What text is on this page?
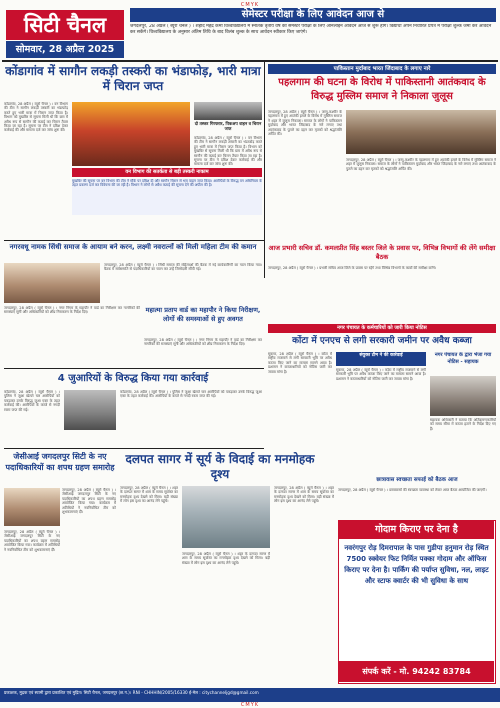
CMYK
सिटी चैनल
सोमवार, 28 अप्रैल 2025
सेमेस्टर परीक्षा के लिए आवेदन आज से
जगदलपुर, 28 अप्रैल ( ब्यूरो चैनल ) । शहीद महेंद्र कर्मा विश्वविद्यालय में स्नातक तृतीय वर्ष की सेमेस्टर परीक्षा के लिए आनलाइन आवेदन आज से शुरू होंगे। विद्यार्थी अपने निर्धारित प्रपत्र में परीक्षा शुल्क जमा कर आवेदन कर सकेंगे। विश्वविद्यालय के अनुसार अंतिम तिथि के बाद विलंब शुल्क के साथ आवेदन स्वीकार किए जाएंगे।
कोंडागांव में सागौन लकड़ी तस्करी का भंडाफोड़, भारी मात्रा में चिरान जप्त
कोंडागांव, 28 अप्रैल ( ब्यूरो चैनल ) । वन विभाग की टीम ने सागौन लकड़ी तस्करी का भंडाफोड़ करते हुए भारी मात्रा में चिरान जप्त किया है। विभाग को मुखबिर से सूचना मिली थी कि ग्राम में अवैध रूप से सागौन की कटाई कर चिरान तैयार किया जा रहा है। सूचना पर टीम ने दबिश देकर कार्रवाई की और मामला दर्ज कर जांच शुरू की।
दो तस्कर गिरफ्तार, पिकअप वाहन व चिरान जप्त
कोंडागांव, 28 अप्रैल ( ब्यूरो चैनल ) । वन विभाग की टीम ने सागौन लकड़ी तस्करी का भंडाफोड़ करते हुए भारी मात्रा में चिरान जप्त किया है। विभाग को मुखबिर से सूचना मिली थी कि ग्राम में अवैध रूप से सागौन की कटाई कर चिरान तैयार किया जा रहा है। सूचना पर टीम ने दबिश देकर कार्रवाई की और मामला दर्ज कर जांच शुरू की।
वन विभाग की सतर्कता से बड़ी तस्करी नाकाम
मुखबिर की सूचना पर वन विभाग की टीम ने मौके पर दबिश दी और सागौन चिरान से भरा वाहन जप्त किया। आरोपियों के विरुद्ध वन अधिनियम के तहत प्रकरण दर्ज कर विवेचना की जा रही है। विभाग ने लोगों से अवैध कटाई की सूचना देने की अपील की है।
पाकिस्तान मुर्दाबाद भारत जिंदाबाद के लगाए नारे
पहलगाम की घटना के विरोध में पाकिस्तानी आतंकवाद के विरुद्ध मुस्लिम समाज ने निकाला जुलूस
जगदलपुर, 28 अप्रैल ( ब्यूरो चैनल ) । जम्मू-कश्मीर के पहलगाम में हुए आतंकी हमले के विरोध में मुस्लिम समाज ने शहर में जुलूस निकाला। समाज के लोगों ने पाकिस्तान मुर्दाबाद और भारत जिंदाबाद के नारे लगाए तथा आतंकवाद के पुतले का दहन कर मृतकों को श्रद्धांजलि अर्पित की।
जगदलपुर, 28 अप्रैल ( ब्यूरो चैनल ) । जम्मू-कश्मीर के पहलगाम में हुए आतंकी हमले के विरोध में मुस्लिम समाज ने शहर में जुलूस निकाला। समाज के लोगों ने पाकिस्तान मुर्दाबाद और भारत जिंदाबाद के नारे लगाए तथा आतंकवाद के पुतले का दहन कर मृतकों को श्रद्धांजलि अर्पित की।
नगरवधू नामक सिंधी समाज के आयाम बने करन, लक्ष्मी नवरात्नों को मिली महिला टीम की कमान
जगदलपुर, 28 अप्रैल ( ब्यूरो चैनल ) । सिंधी समाज की महिलाओं की बैठक में नई कार्यकारिणी का गठन किया गया। बैठक में सर्वसम्मति से पदाधिकारियों का चयन कर उन्हें जिम्मेदारी सौंपी गई।
महात्मा प्रताप वार्ड का महापौर ने किया निरीक्षण, लोगों की समस्याओं से हुए अवगत
जगदलपुर, 28 अप्रैल ( ब्यूरो चैनल ) । नगर निगम के महापौर ने वार्ड का निरीक्षण कर नागरिकों की समस्याएं सुनीं और अधिकारियों को शीघ्र निराकरण के निर्देश दिए।
जगदलपुर, 28 अप्रैल ( ब्यूरो चैनल ) । नगर निगम के महापौर ने वार्ड का निरीक्षण कर नागरिकों की समस्याएं सुनीं और अधिकारियों को शीघ्र निराकरण के निर्देश दिए।
आज प्रभारी सचिव डॉ. कमलप्रीत सिंह बस्तर जिले के प्रवास पर, विभिन्न विभागों की लेंगे समीक्षा बैठक
जगदलपुर, 28 अप्रैल ( ब्यूरो चैनल ) । प्रभारी सचिव आज जिले के प्रवास पर रहेंगे तथा विभिन्न विभागों के कार्यों की समीक्षा करेंगे।
नगर पंचायत के कर्मचारियों को जारी किया नोटिस
कोंटा में एनएच से लगी सरकारी जमीन पर अवैध कब्जा
सुकमा, 28 अप्रैल ( ब्यूरो चैनल ) । कोंटा में राष्ट्रीय राजमार्ग से लगी सरकारी भूमि पर अवैध कब्जा किए जाने का मामला सामने आया है। प्रशासन ने कब्जाधारियों को नोटिस जारी कर जवाब मांगा है।
संयुक्त टीम ने की कार्रवाई
सुकमा, 28 अप्रैल ( ब्यूरो चैनल ) । कोंटा में राष्ट्रीय राजमार्ग से लगी सरकारी भूमि पर अवैध कब्जा किए जाने का मामला सामने आया है। प्रशासन ने कब्जाधारियों को नोटिस जारी कर जवाब मांगा है।
नगर पंचायत के द्वारा भेजा गया नोटिस - सहायक
सहायक अधिकारी ने बताया कि अतिक्रमणकारियों को समय सीमा में कब्जा हटाने के निर्देश दिए गए हैं।
4 जुआरियों के विरुद्ध किया गया कार्रवाई
कोंडागांव, 28 अप्रैल ( ब्यूरो चैनल ) । पुलिस ने जुआ खेलते चार आरोपियों को पकड़कर उनके विरुद्ध जुआ एक्ट के तहत कार्रवाई की। आरोपियों के कब्जे से नगदी रकम जप्त की गई।
कोंडागांव, 28 अप्रैल ( ब्यूरो चैनल ) । पुलिस ने जुआ खेलते चार आरोपियों को पकड़कर उनके विरुद्ध जुआ एक्ट के तहत कार्रवाई की। आरोपियों के कब्जे से नगदी रकम जप्त की गई।
जेसीआई जगदलपुर सिटी के नए पदाधिकारियों का शपथ ग्रहण समारोह
जगदलपुर, 28 अप्रैल ( ब्यूरो चैनल ) । जेसीआई जगदलपुर सिटी के नए पदाधिकारियों का शपथ ग्रहण समारोह आयोजित किया गया। कार्यक्रम में अतिथियों ने नवनिर्वाचित टीम को शुभकामनाएं दीं।
जगदलपुर, 28 अप्रैल ( ब्यूरो चैनल ) । जेसीआई जगदलपुर सिटी के नए पदाधिकारियों का शपथ ग्रहण समारोह आयोजित किया गया। कार्यक्रम में अतिथियों ने नवनिर्वाचित टीम को शुभकामनाएं दीं।
दलपत सागर में सूर्य के विदाई का मनमोहक दृश्य
जगदलपुर, 28 अप्रैल ( ब्यूरो चैनल ) । शहर के दलपत सागर में शाम के समय सूर्यास्त का मनमोहक दृश्य देखने को मिला। बड़ी संख्या में लोग इस दृश्य का आनंद लेने पहुंचे।
जगदलपुर, 28 अप्रैल ( ब्यूरो चैनल ) । शहर के दलपत सागर में शाम के समय सूर्यास्त का मनमोहक दृश्य देखने को मिला। बड़ी संख्या में लोग इस दृश्य का आनंद लेने पहुंचे।
जगदलपुर, 28 अप्रैल ( ब्यूरो चैनल ) । शहर के दलपत सागर में शाम के समय सूर्यास्त का मनमोहक दृश्य देखने को मिला। बड़ी संख्या में लोग इस दृश्य का आनंद लेने पहुंचे।
छात्रावास स्वच्छता सफाई को बैठक आज
जगदलपुर, 28 अप्रैल ( ब्यूरो चैनल ) । छात्रावासों की स्वच्छता व्यवस्था को लेकर आज बैठक आयोजित की जाएगी।
गोदाम किराए पर देना है
नवरंगपुर रोड़ दिमरापाल के पास गुडीपा हनुमान रोड़ स्थित 7500 स्क्वेयर फिट निर्मित पक्का गोदाम और ऑफिस किराए पर देना है। पार्किंग की पर्याप्त सुविधा, नल, लाइट और स्टाफ क्वार्टर की भी सुविधा के साथ
संपर्क करें - मो. 94242 83784
प्रकाशक, मुद्रक एवं स्वामी द्वारा प्रकाशित एवं मुद्रित। सिटी चैनल, जगदलपुर (छ.ग.)। RNI - CHHHIN/2005/16330 ई-मेल : citychanneljgd@gmail.com
CMYK
